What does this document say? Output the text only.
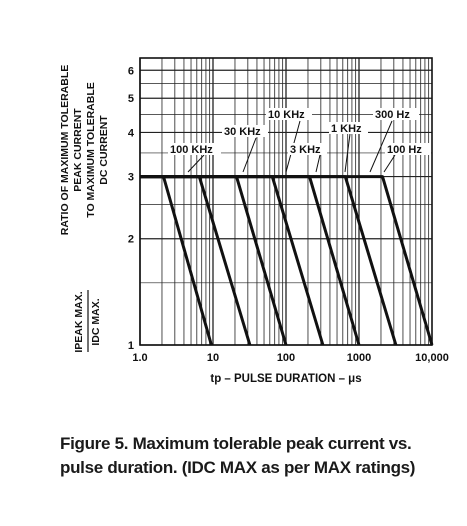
1.0	10	100	1000	10,000
1
2
3
4
5
6
100 KHz
30 KHz
10 KHz
3 KHz
1 KHz
300 Hz
100 Hz
tp – PULSE DURATION – μs
RATIO OF MAXIMUM TOLERABLE PEAK CURRENT TO MAXIMUM TOLERABLE DC CURRENT
IPEAK MAX. IDC MAX.
Figure 5. Maximum tolerable peak current vs.
pulse duration. (IDC MAX as per MAX ratings)
